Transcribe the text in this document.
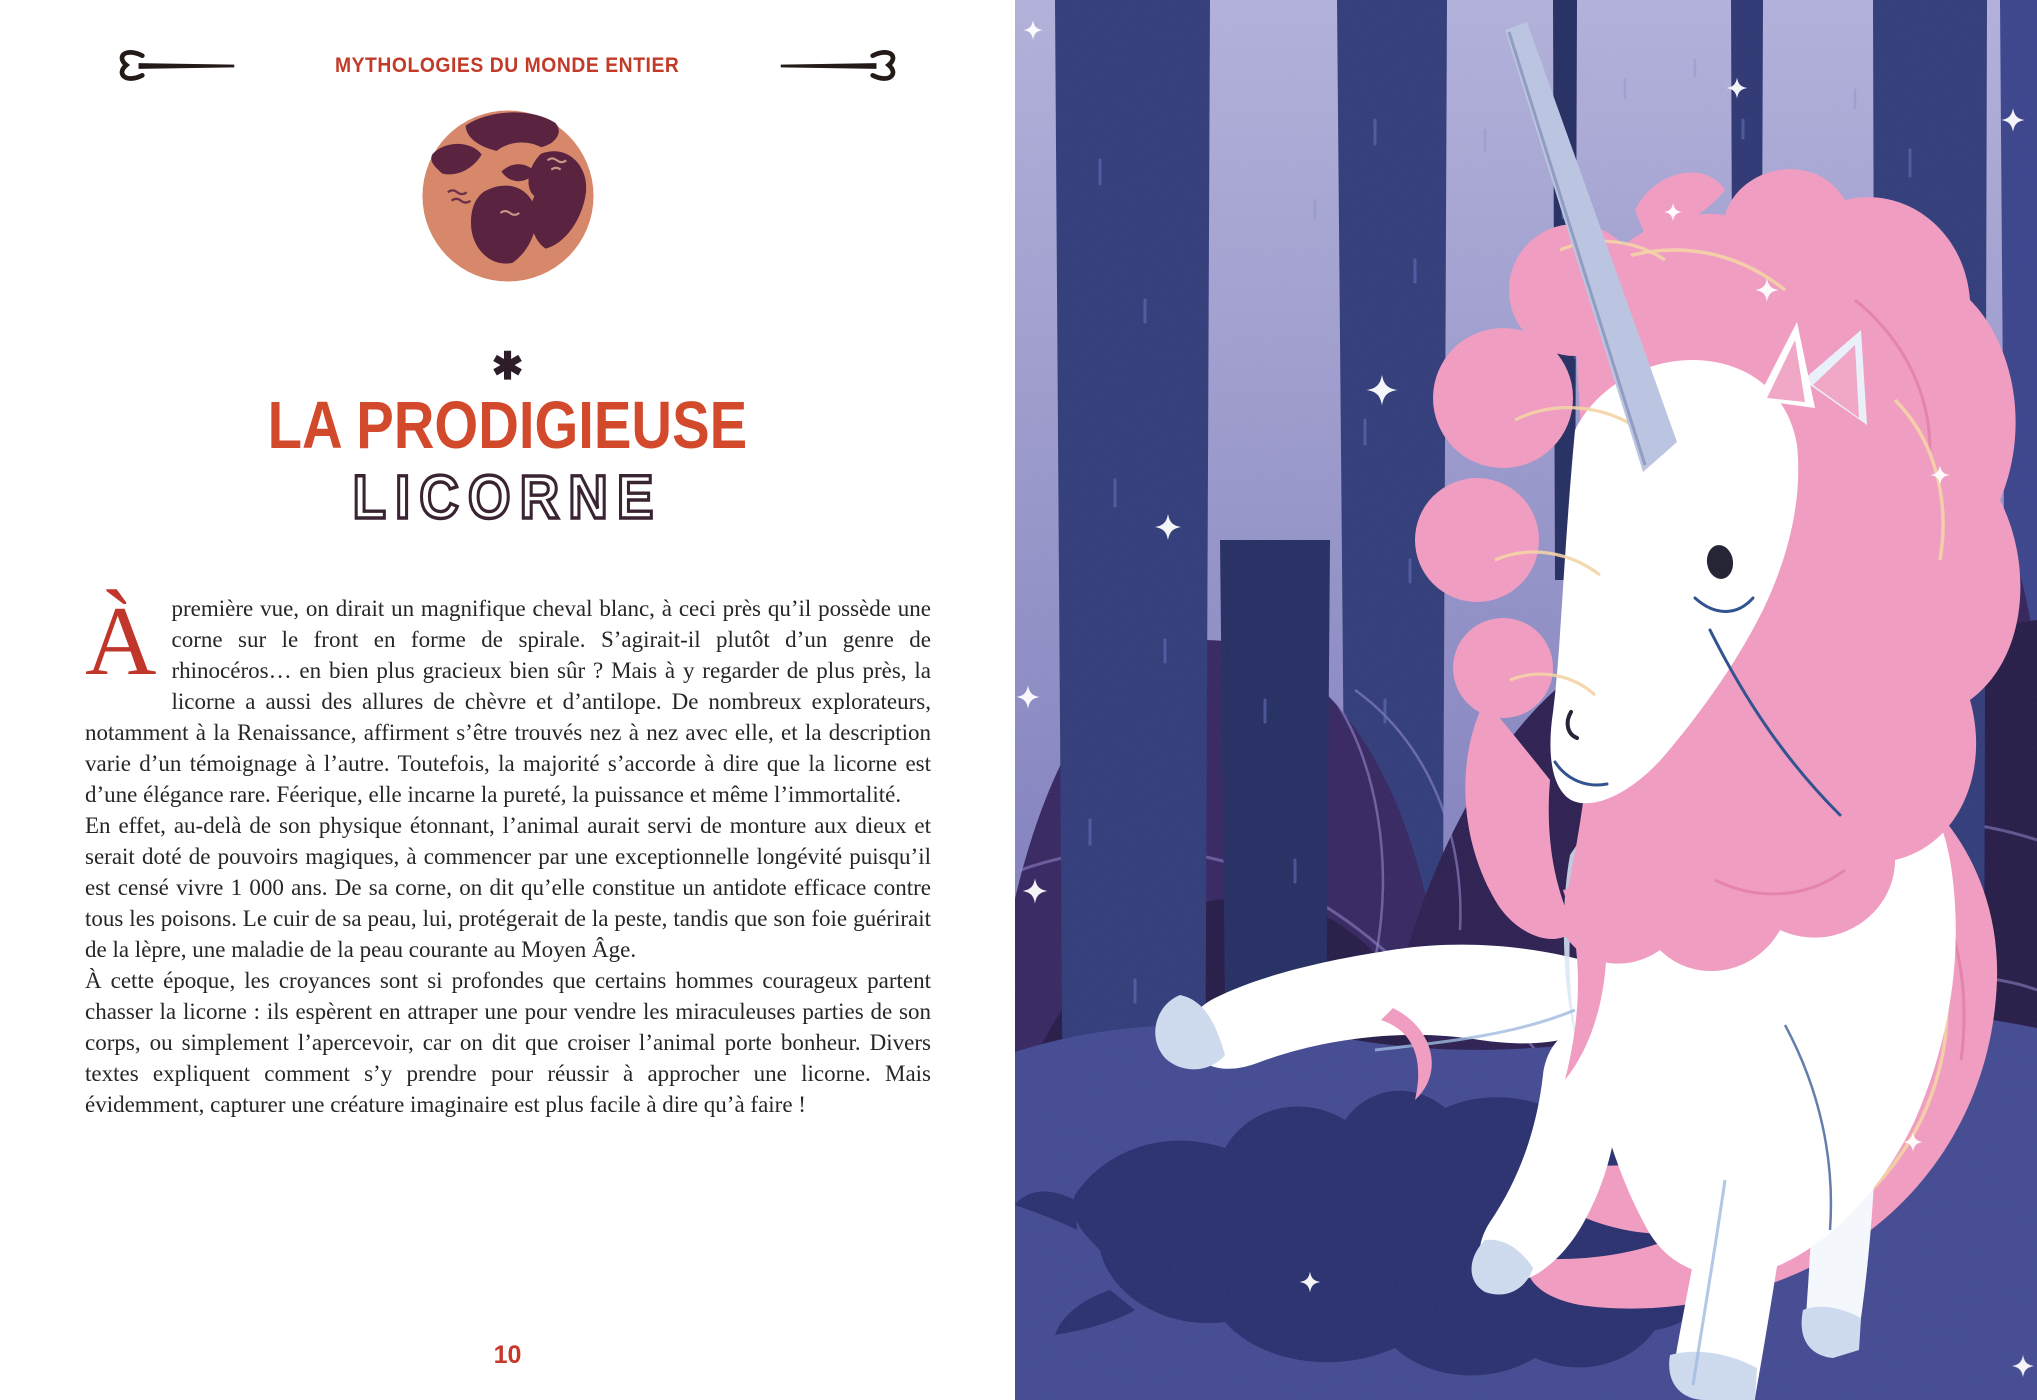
MYTHOLOGIES DU MONDE ENTIER
✱
LA PRODIGIEUSE
LICORNE

Àpremière vue, on dirait un magnifique cheval blanc, à ceci près qu’il possède une corne sur le front en forme de spirale. S’agirait-il plutôt d’un genre de rhinocéros… en bien plus gracieux bien sûr ? Mais à y regarder de plus près, la licorne a aussi des allures de chèvre et d’antilope. De nombreux explorateurs, notamment à la Renaissance, affirment s’être trouvés nez à nez avec elle, et la description varie d’un témoignage à l’autre. Toutefois, la majorité s’accorde à dire que la licorne est d’une élégance rare. Féerique, elle incarne la pureté, la puissance et même l’immortalité.

En effet, au-delà de son physique étonnant, l’animal aurait servi de monture aux dieux et serait doté de pouvoirs magiques, à commencer par une exceptionnelle longévité puisqu’il est censé vivre 1 000 ans. De sa corne, on dit qu’elle constitue un antidote efficace contre tous les poisons. Le cuir de sa peau, lui, protégerait de la peste, tandis que son foie guérirait de la lèpre, une maladie de la peau courante au Moyen Âge.

À cette époque, les croyances sont si profondes que certains hommes courageux partent chasser la licorne : ils espèrent en attraper une pour vendre les miraculeuses parties de son corps, ou simplement l’apercevoir, car on dit que croiser l’animal porte bonheur. Divers textes expliquent comment s’y prendre pour réussir à approcher une licorne. Mais évidemment, capturer une créature imaginaire est plus facile à dire qu’à faire !

10
